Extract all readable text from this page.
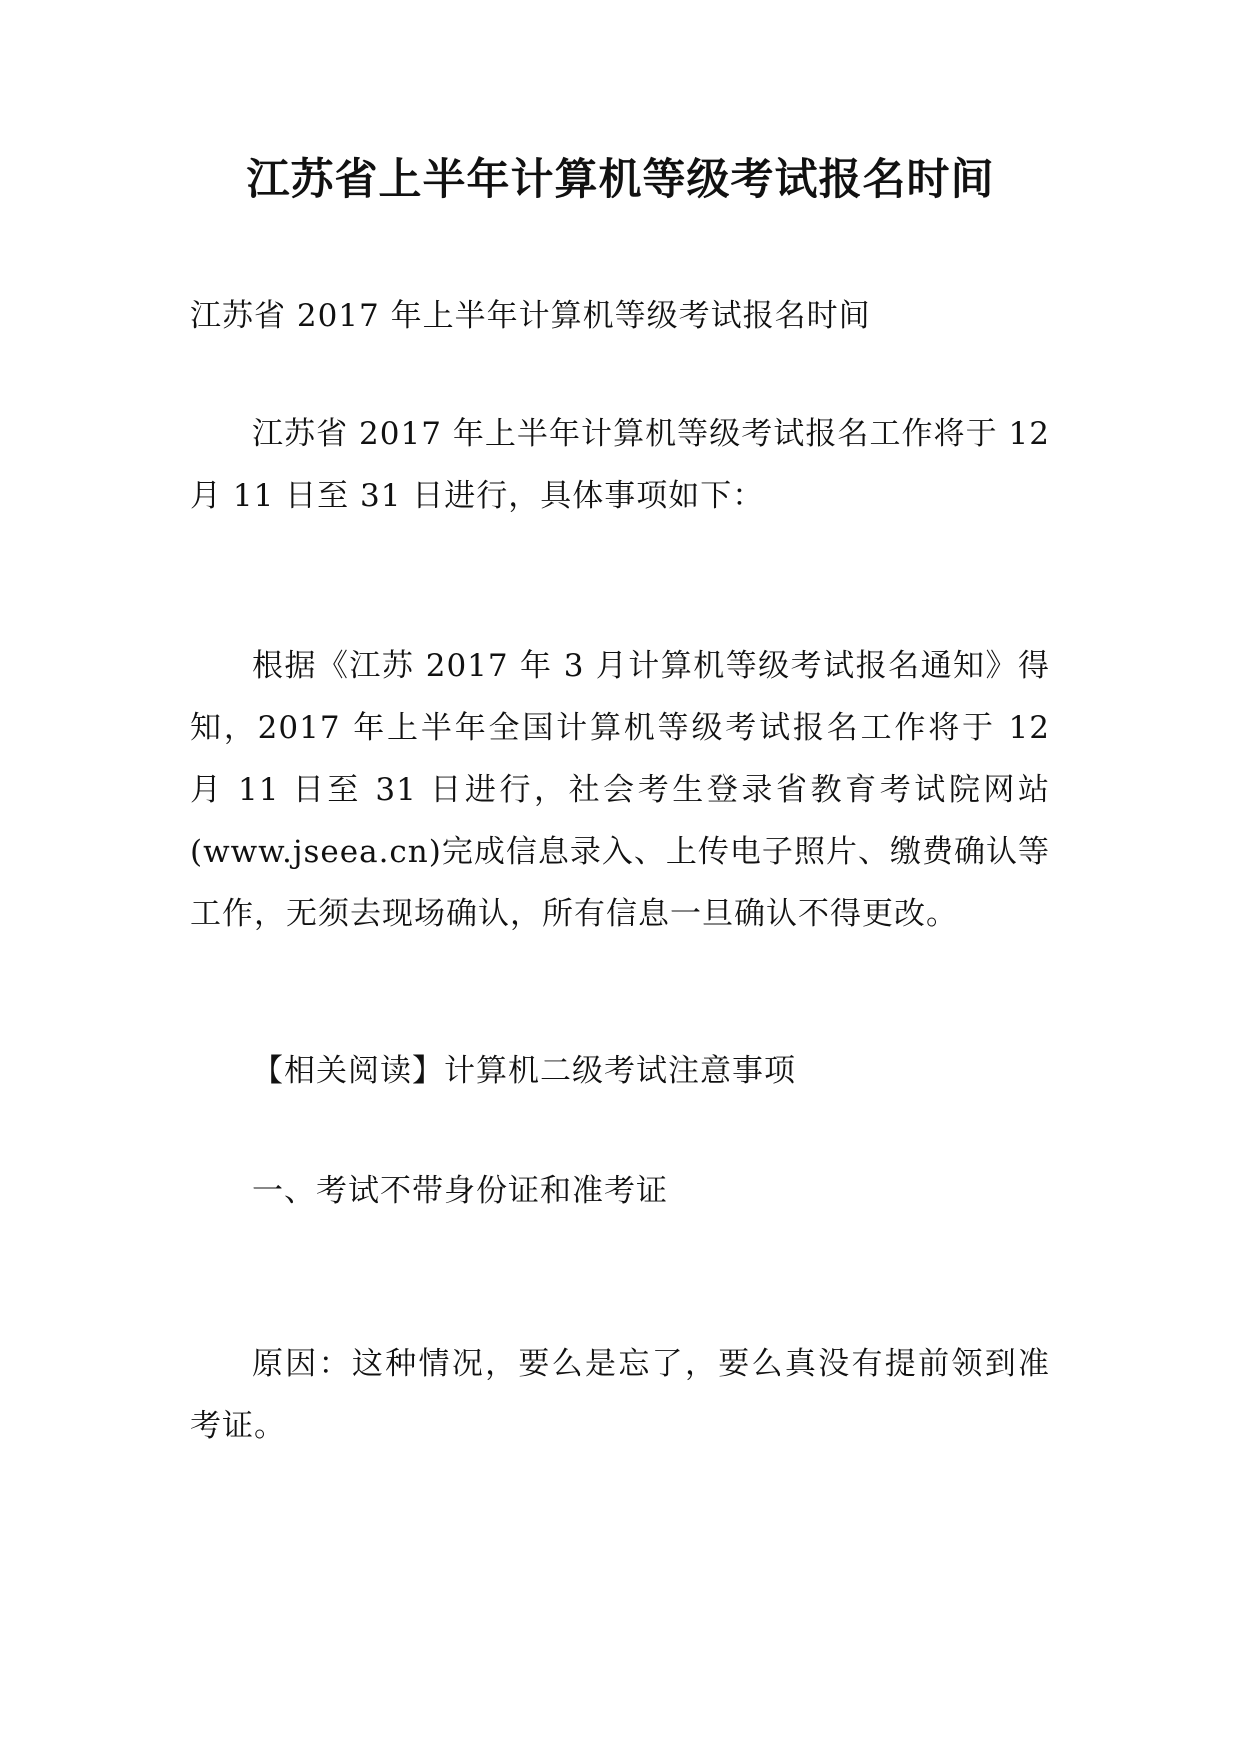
江苏省上半年计算机等级考试报名时间

江苏省 2017 年上半年计算机等级考试报名时间

江苏省 2017 年上半年计算机等级考试报名工作将于 12 月 11 日至 31 日进行，具体事项如下：

根据《江苏 2017 年 3 月计算机等级考试报名通知》得知，2017 年上半年全国计算机等级考试报名工作将于 12 月 11 日至 31 日进行，社会考生登录省教育考试院网站(www.jseea.cn)完成信息录入、上传电子照片、缴费确认等工作，无须去现场确认，所有信息一旦确认不得更改。

【相关阅读】计算机二级考试注意事项

一、考试不带身份证和准考证

原因：这种情况，要么是忘了，要么真没有提前领到准考证。
